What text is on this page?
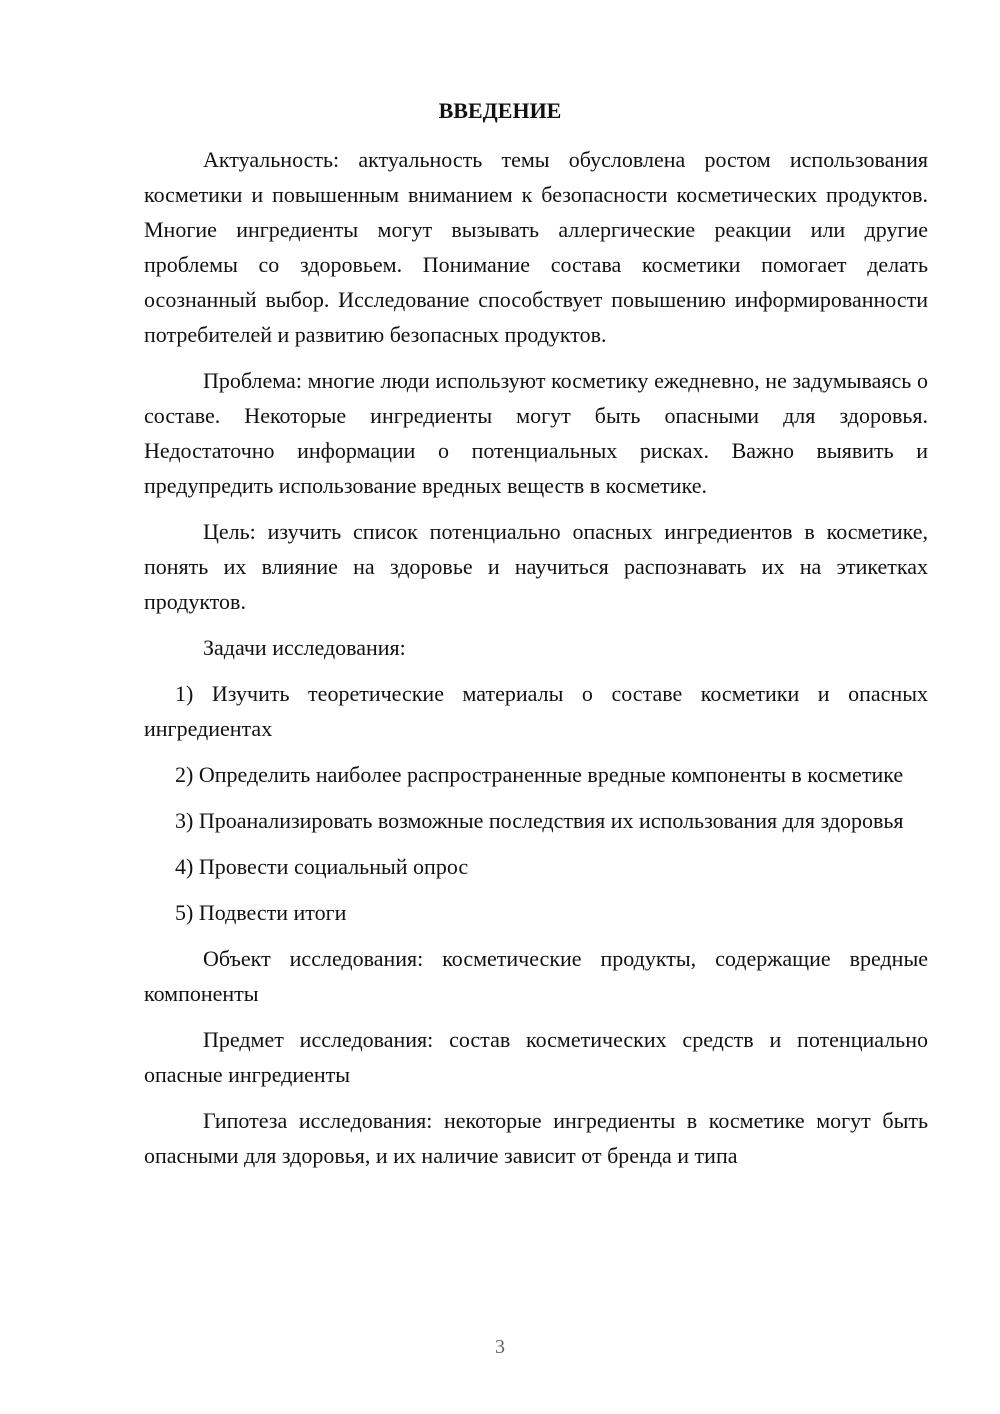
ВВЕДЕНИЕ

Актуальность: актуальность темы обусловлена ростом использования косметики и повышенным вниманием к безопасности косметических продуктов. Многие ингредиенты могут вызывать аллергические реакции или другие проблемы со здоровьем. Понимание состава косметики помогает делать осознанный выбор. Исследование способствует повышению информированности потребителей и развитию безопасных продуктов.

Проблема: многие люди используют косметику ежедневно, не задумываясь о составе. Некоторые ингредиенты могут быть опасными для здоровья. Недостаточно информации о потенциальных рисках. Важно выявить и предупредить использование вредных веществ в косметике.

Цель: изучить список потенциально опасных ингредиентов в косметике, понять их влияние на здоровье и научиться распознавать их на этикетках продуктов.

Задачи исследования:

1) Изучить теоретические материалы о составе косметики и опасных ингредиентах

2) Определить наиболее распространенные вредные компоненты в косметике

3) Проанализировать возможные последствия их использования для здоровья

4) Провести социальный опрос

5) Подвести итоги

Объект исследования: косметические продукты, содержащие вредные компоненты

Предмет исследования: состав косметических средств и потенциально опасные ингредиенты

Гипотеза исследования: некоторые ингредиенты в косметике могут быть опасными для здоровья, и их наличие зависит от бренда и типа

3
